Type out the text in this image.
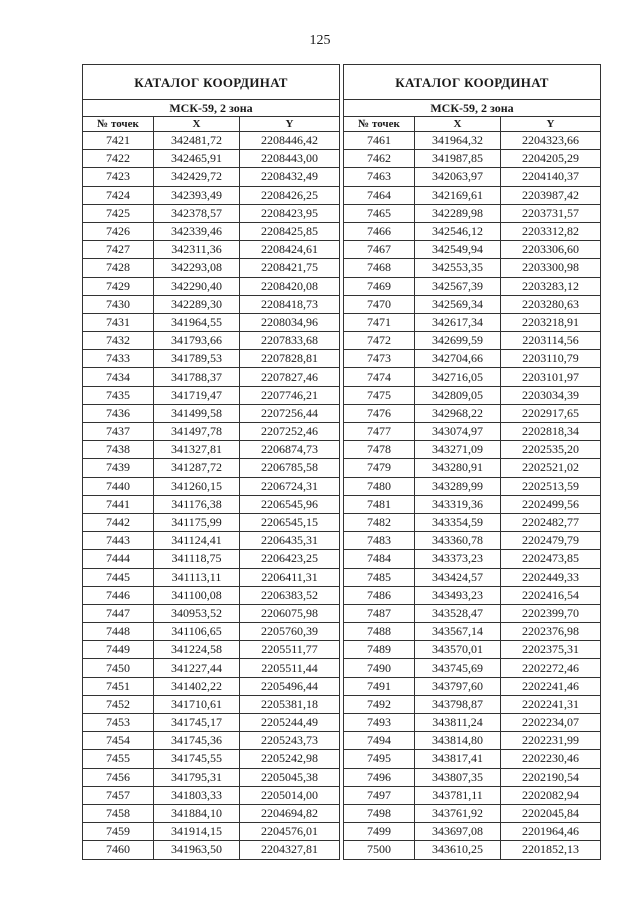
125
КАТАЛОГ КООРДИНАТ		
МСК-59, 2 зона		
№ точек	X	Y
7421	342481,72	2208446,42
7422	342465,91	2208443,00
7423	342429,72	2208432,49
7424	342393,49	2208426,25
7425	342378,57	2208423,95
7426	342339,46	2208425,85
7427	342311,36	2208424,61
7428	342293,08	2208421,75
7429	342290,40	2208420,08
7430	342289,30	2208418,73
7431	341964,55	2208034,96
7432	341793,66	2207833,68
7433	341789,53	2207828,81
7434	341788,37	2207827,46
7435	341719,47	2207746,21
7436	341499,58	2207256,44
7437	341497,78	2207252,46
7438	341327,81	2206874,73
7439	341287,72	2206785,58
7440	341260,15	2206724,31
7441	341176,38	2206545,96
7442	341175,99	2206545,15
7443	341124,41	2206435,31
7444	341118,75	2206423,25
7445	341113,11	2206411,31
7446	341100,08	2206383,52
7447	340953,52	2206075,98
7448	341106,65	2205760,39
7449	341224,58	2205511,77
7450	341227,44	2205511,44
7451	341402,22	2205496,44
7452	341710,61	2205381,18
7453	341745,17	2205244,49
7454	341745,36	2205243,73
7455	341745,55	2205242,98
7456	341795,31	2205045,38
7457	341803,33	2205014,00
7458	341884,10	2204694,82
7459	341914,15	2204576,01
7460	341963,50	2204327,81
КАТАЛОГ КООРДИНАТ		
МСК-59, 2 зона		
№ точек	X	Y
7461	341964,32	2204323,66
7462	341987,85	2204205,29
7463	342063,97	2204140,37
7464	342169,61	2203987,42
7465	342289,98	2203731,57
7466	342546,12	2203312,82
7467	342549,94	2203306,60
7468	342553,35	2203300,98
7469	342567,39	2203283,12
7470	342569,34	2203280,63
7471	342617,34	2203218,91
7472	342699,59	2203114,56
7473	342704,66	2203110,79
7474	342716,05	2203101,97
7475	342809,05	2203034,39
7476	342968,22	2202917,65
7477	343074,97	2202818,34
7478	343271,09	2202535,20
7479	343280,91	2202521,02
7480	343289,99	2202513,59
7481	343319,36	2202499,56
7482	343354,59	2202482,77
7483	343360,78	2202479,79
7484	343373,23	2202473,85
7485	343424,57	2202449,33
7486	343493,23	2202416,54
7487	343528,47	2202399,70
7488	343567,14	2202376,98
7489	343570,01	2202375,31
7490	343745,69	2202272,46
7491	343797,60	2202241,46
7492	343798,87	2202241,31
7493	343811,24	2202234,07
7494	343814,80	2202231,99
7495	343817,41	2202230,46
7496	343807,35	2202190,54
7497	343781,11	2202082,94
7498	343761,92	2202045,84
7499	343697,08	2201964,46
7500	343610,25	2201852,13
